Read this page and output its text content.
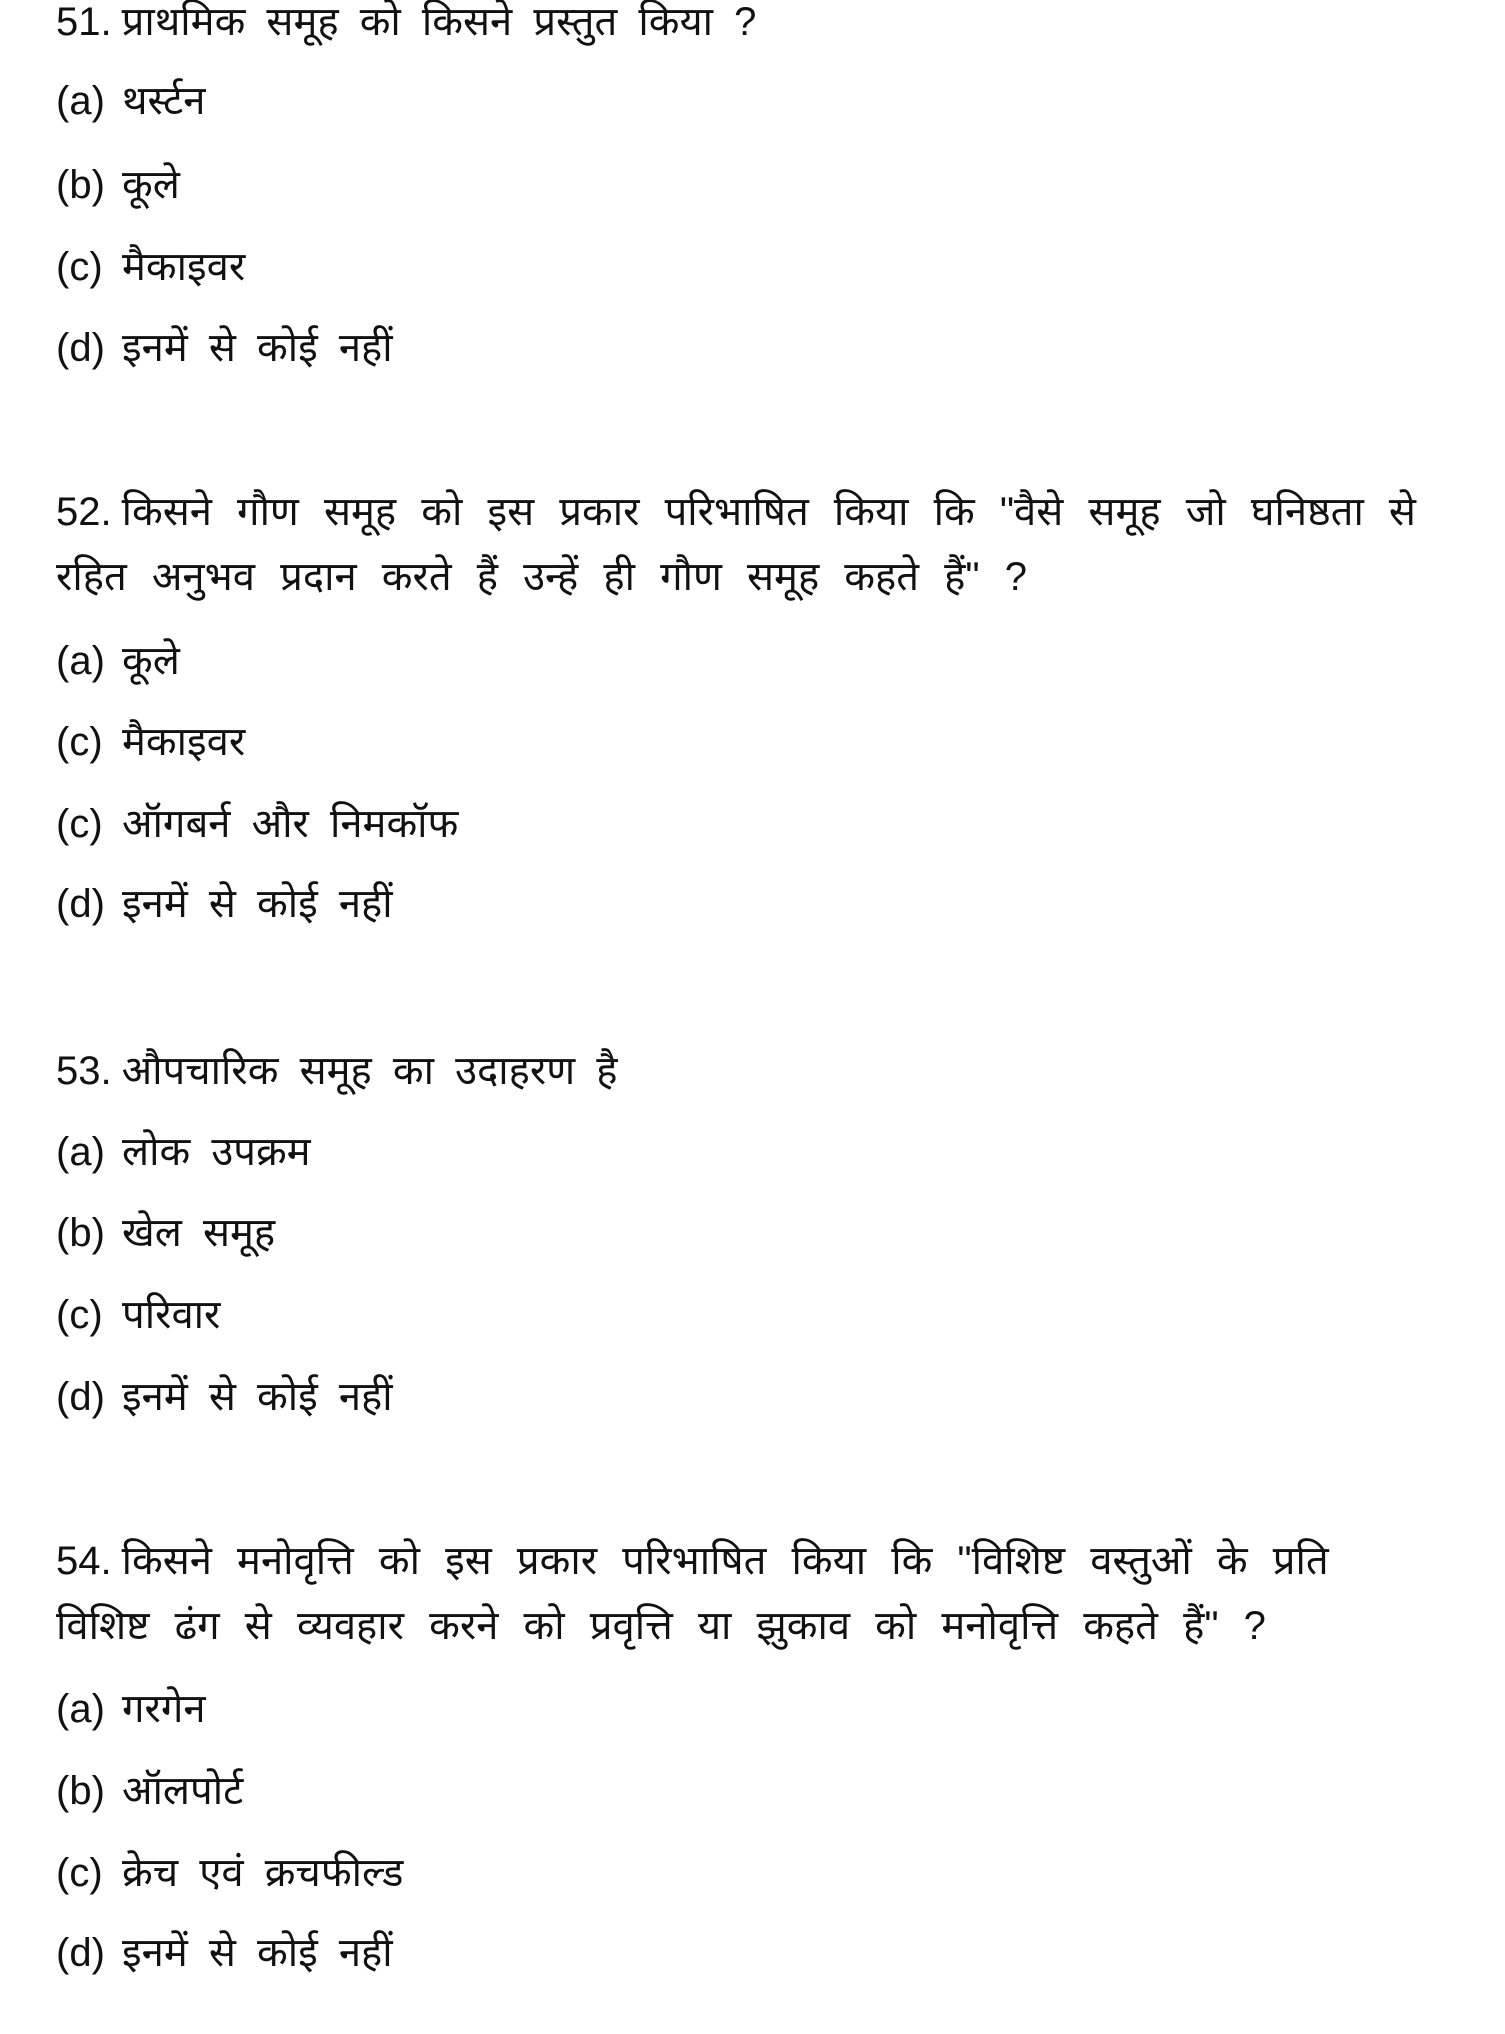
51. प्राथमिक समूह को किसने प्रस्तुत किया ?
(a) थर्स्टन
(b) कूले
(c) मैकाइवर
(d) इनमें से कोई नहीं
52. किसने गौण समूह को इस प्रकार परिभाषित किया कि "वैसे समूह जो घनिष्ठता से
रहित अनुभव प्रदान करते हैं उन्हें ही गौण समूह कहते हैं" ?
(a) कूले
(c) मैकाइवर
(c) ऑगबर्न और निमकॉफ
(d) इनमें से कोई नहीं
53. औपचारिक समूह का उदाहरण है
(a) लोक उपक्रम
(b) खेल समूह
(c) परिवार
(d) इनमें से कोई नहीं
54. किसने मनोवृत्ति को इस प्रकार परिभाषित किया कि "विशिष्ट वस्तुओं के प्रति
विशिष्ट ढंग से व्यवहार करने को प्रवृत्ति या झुकाव को मनोवृत्ति कहते हैं" ?
(a) गरगेन
(b) ऑलपोर्ट
(c) क्रेच एवं क्रचफील्ड
(d) इनमें से कोई नहीं
